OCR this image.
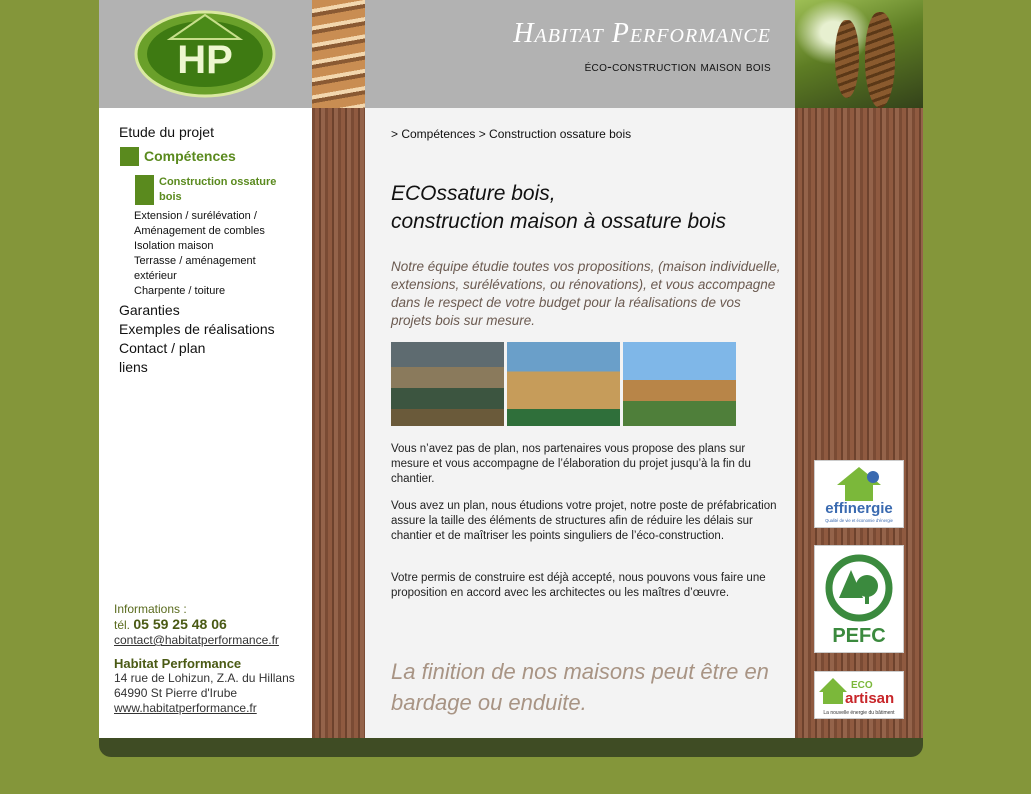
HP
Habitat Performance
éco-construction maison bois
Etude du projet
Compétences
Construction ossature bois
Extension / surélévation / Aménagement de combles
Isolation maison
Terrasse / aménagement extérieur
Charpente / toiture
Garanties
Exemples de réalisations
Contact / plan
liens
Informations :
tél. 05 59 25 48 06
contact@habitatperformance.fr
Habitat Performance
14 rue de Lohizun, Z.A. du Hillans
64990 St Pierre d'Irube
www.habitatperformance.fr
> Compétences > Construction ossature bois
ECOssature bois,
construction maison à ossature bois
Notre équipe étudie toutes vos propositions, (maison individuelle, extensions, surélévations, ou rénovations), et vous accompagne dans le respect de votre budget pour la réalisations de vos projets bois sur mesure.
Vous n’avez pas de plan, nos partenaires vous propose des plans sur mesure et vous accompagne de l’élaboration du projet jusqu’à la fin du chantier.
Vous avez un plan, nous étudions votre projet, notre poste de préfabrication assure la taille des éléments de structures afin de réduire les délais sur chantier et de maîtriser les points singuliers de l’éco-construction.
Votre permis de construire est déjà accepté, nous pouvons vous faire une proposition en accord avec les architectes ou les maîtres d’œuvre.
La finition de nos maisons peut être en bardage ou enduite.
effinergie
Qualité de vie et économie d'énergie
PEFC
ECO
artisan
La nouvelle énergie du bâtiment
